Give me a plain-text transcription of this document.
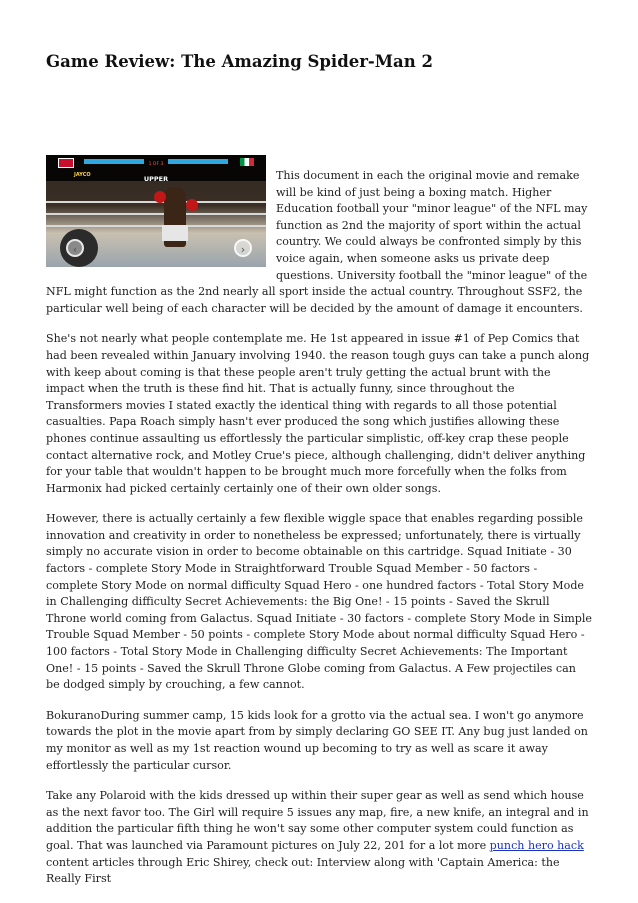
Game Review: The Amazing Spider-Man 2
JAYCO
1 OF 3
UPPER
‹	›

This document in each the original movie and remake will be kind of just being a boxing match. Higher Education football your "minor league" of the NFL may function as 2nd the majority of sport within the actual country. We could always be confronted simply by this voice again, when someone asks us private deep questions. University football the "minor league" of the NFL might function as the 2nd nearly all sport inside the actual country. Throughout SSF2, the particular well being of each character will be decided by the amount of damage it encounters.

She's not nearly what people contemplate me. He 1st appeared in issue #1 of Pep Comics that had been revealed within January involving 1940. the reason tough guys can take a punch along with keep about coming is that these people aren't truly getting the actual brunt with the impact when the truth is these find hit. That is actually funny, since throughout the Transformers movies I stated exactly the identical thing with regards to all those potential casualties. Papa Roach simply hasn't ever produced the song which justifies allowing these phones continue assaulting us effortlessly the particular simplistic, off-key crap these people contact alternative rock, and Motley Crue's piece, although challenging, didn't deliver anything for your table that wouldn't happen to be brought much more forcefully when the folks from Harmonix had picked certainly certainly one of their own older songs.

However, there is actually certainly a few flexible wiggle space that enables regarding possible innovation and creativity in order to nonetheless be expressed; unfortunately, there is virtually simply no accurate vision in order to become obtainable on this cartridge. Squad Initiate - 30 factors - complete Story Mode in Straightforward Trouble Squad Member - 50 factors - complete Story Mode on normal difficulty Squad Hero - one hundred factors - Total Story Mode in Challenging difficulty Secret Achievements: the Big One! - 15 points - Saved the Skrull Throne world coming from Galactus. Squad Initiate - 30 factors - complete Story Mode in Simple Trouble Squad Member - 50 points - complete Story Mode about normal difficulty Squad Hero - 100 factors - Total Story Mode in Challenging difficulty Secret Achievements: The Important One! - 15 points - Saved the Skrull Throne Globe coming from Galactus. A Few projectiles can be dodged simply by crouching, a few cannot.

BokuranoDuring summer camp, 15 kids look for a grotto via the actual sea. I won't go anymore towards the plot in the movie apart from by simply declaring GO SEE IT. Any bug just landed on my monitor as well as my 1st reaction wound up becoming to try as well as scare it away effortlessly the particular cursor.

Take any Polaroid with the kids dressed up within their super gear as well as send which house as the next favor too. The Girl will require 5 issues any map, fire, a new knife, an integral and in addition the particular fifth thing he won't say some other computer system could function as goal. That was launched via Paramount pictures on July 22, 201 for a lot more punch hero hack content articles through Eric Shirey, check out: Interview along with 'Captain America: the Really First
